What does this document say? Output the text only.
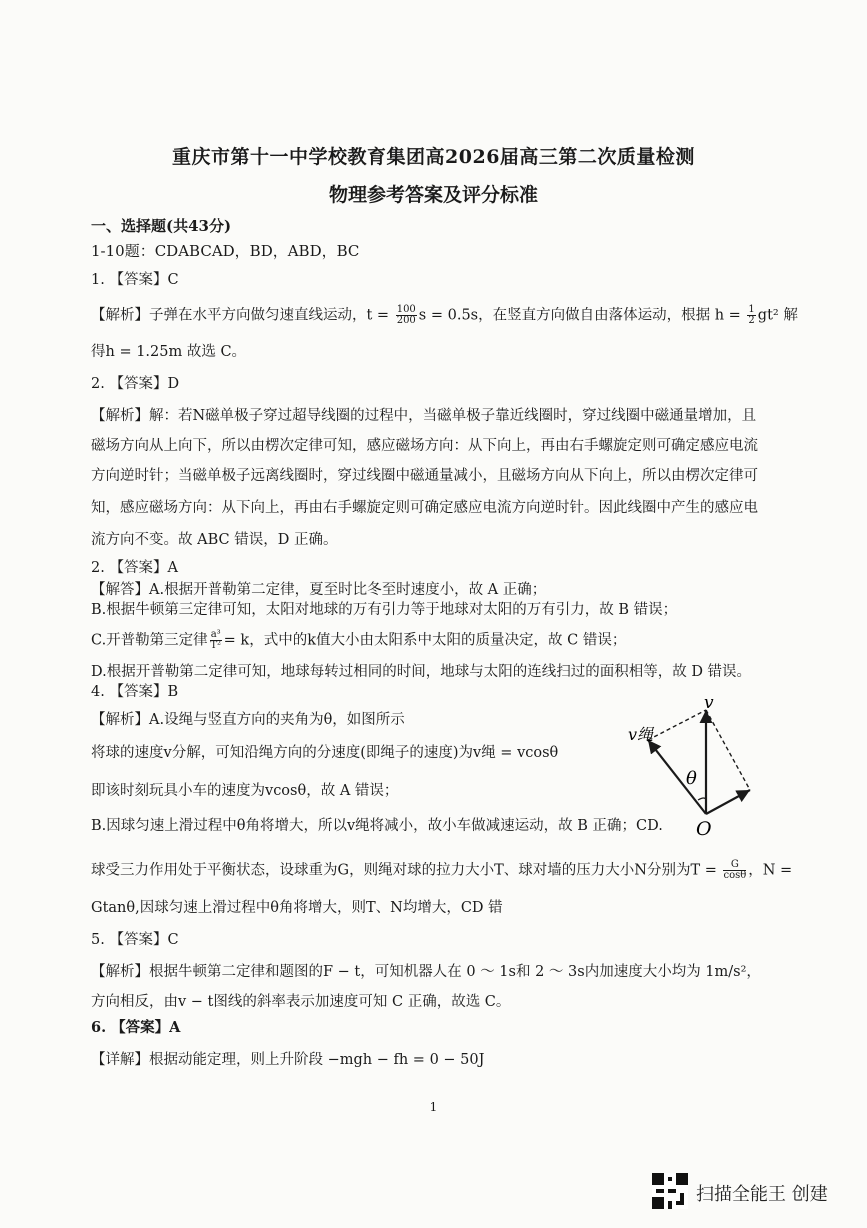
重庆市第十一中学校教育集团高2026届高三第二次质量检测
物理参考答案及评分标准
一、选择题(共43分)
1-10题：CDABCAD，BD，ABD，BC
1. 【答案】C
【解析】子弹在水平方向做匀速直线运动，$t = \frac{100}{200}$ s = 0.5s，在竖直方向做自由落体运动，根据 $h = \frac{1}{2} gt^2$ 解
得h = 1.25m 故选 C。
2. 【答案】D
【解析】解：若N磁单极子穿过超导线圈的过程中，当磁单极子靠近线圈时，穿过线圈中磁通量增加，且
磁场方向从上向下，所以由楞次定律可知，感应磁场方向：从下向上，再由右手螺旋定则可确定感应电流
方向逆时针；当磁单极子远离线圈时，穿过线圈中磁通量减小，且磁场方向从下向上，所以由楞次定律可
知，感应磁场方向：从下向上，再由右手螺旋定则可确定感应电流方向逆时针。因此线圈中产生的感应电
流方向不变。故 ABC 错误，D 正确。
2. 【答案】A
【解答】A.根据开普勒第二定律，夏至时比冬至时速度小，故 A 正确；
B.根据牛顿第三定律可知，太阳对地球的万有引力等于地球对太阳的万有引力，故 B 错误；
C.开普勒第三定律 $\frac{\text{a³}}{\text{T²}} = k$，式中的k值大小由太阳系中太阳的质量决定，故 C 错误；
D.根据开普勒第二定律可知，地球每转过相同的时间，地球与太阳的连线扫过的面积相等，故 D 错误。
4. 【答案】B
【解析】A.设绳与竖直方向的夹角为θ，如图所示
将球的速度v分解，可知沿绳方向的分速度(即绳子的速度)为v绳 = vcosθ
即该时刻玩具小车的速度为vcosθ，故 A 错误；
B.因球匀速上滑过程中θ角将增大，所以v绳将减小，故小车做减速运动，故 B 正确；CD.
球受三力作用处于平衡状态，设球重为G，则绳对球的拉力大小T、球对墙的压力大小N分别为$T = \frac{G}{\cos\theta}$ ，N =
Gtanθ,因球匀速上滑过程中θ角将增大，则T、N均增大，CD 错
v
v绳
θ
O
5. 【答案】C
【解析】根据牛顿第二定律和题图的F − t，可知机器人在 0 ～ 1s和 2 ～ 3s内加速度大小均为 1m/s²，
方向相反，由v − t图线的斜率表示加速度可知 C 正确，故选 C。
6. 【答案】A
【详解】根据动能定理，则上升阶段 −mgh − fh = 0 − 50J
1
扫描全能王 创建
